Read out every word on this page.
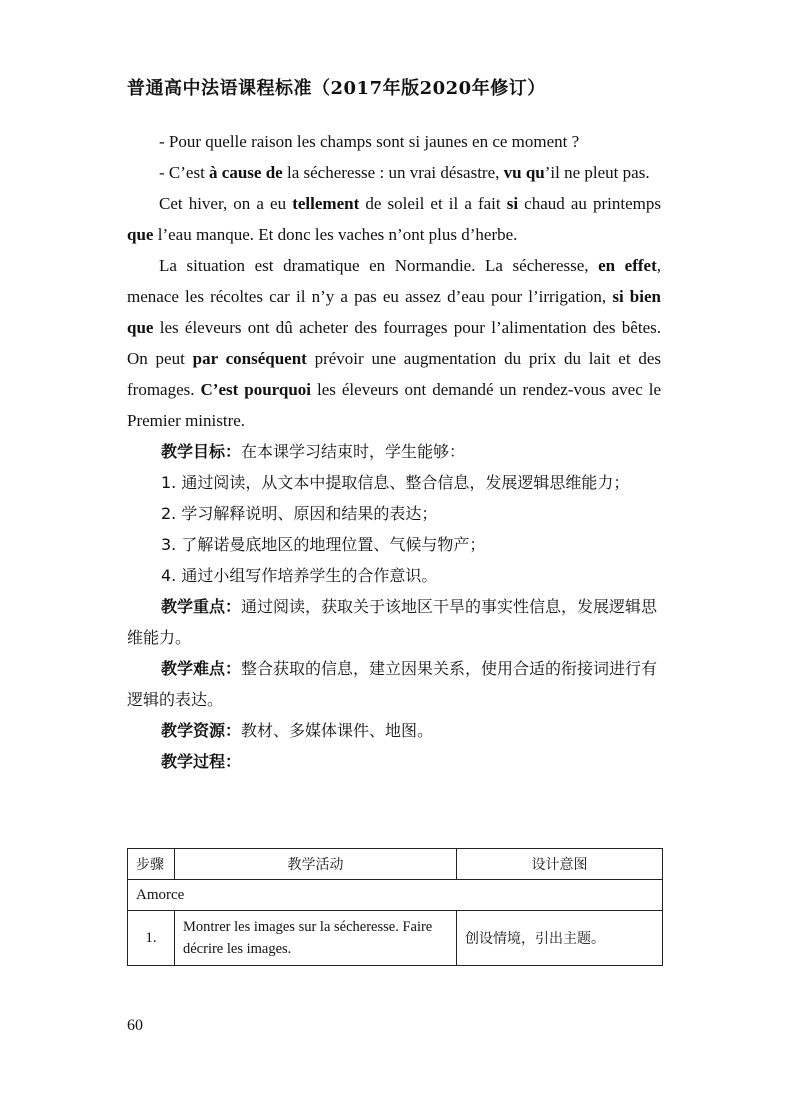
普通高中法语课程标准（2017年版2020年修订）

- Pour quelle raison les champs sont si jaunes en ce moment ?

- C’est à cause de la sécheresse : un vrai désastre, vu qu’il ne pleut pas.

Cet hiver, on a eu tellement de soleil et il a fait si chaud au printemps que l’eau manque. Et donc les vaches n’ont plus d’herbe.

La situation est dramatique en Normandie. La sécheresse, en effet, menace les récoltes car il n’y a pas eu assez d’eau pour l’irrigation, si bien que les éleveurs ont dû acheter des fourrages pour l’alimentation des bêtes. On peut par conséquent prévoir une augmentation du prix du lait et des fromages. C’est pourquoi les éleveurs ont demandé un rendez-vous avec le Premier ministre.

教学目标：在本课学习结束时，学生能够：

1. 通过阅读，从文本中提取信息、整合信息，发展逻辑思维能力；

2. 学习解释说明、原因和结果的表达；

3. 了解诺曼底地区的地理位置、气候与物产；

4. 通过小组写作培养学生的合作意识。

教学重点：通过阅读，获取关于该地区干旱的事实性信息，发展逻辑思维能力。

教学难点：整合获取的信息，建立因果关系，使用合适的衔接词进行有逻辑的表达。

教学资源：教材、多媒体课件、地图。

教学过程：

步骤	教学活动	设计意图
Amorce		
1.	Montrer les images sur la sécheresse. Faire décrire les images.	创设情境，引出主题。
60
